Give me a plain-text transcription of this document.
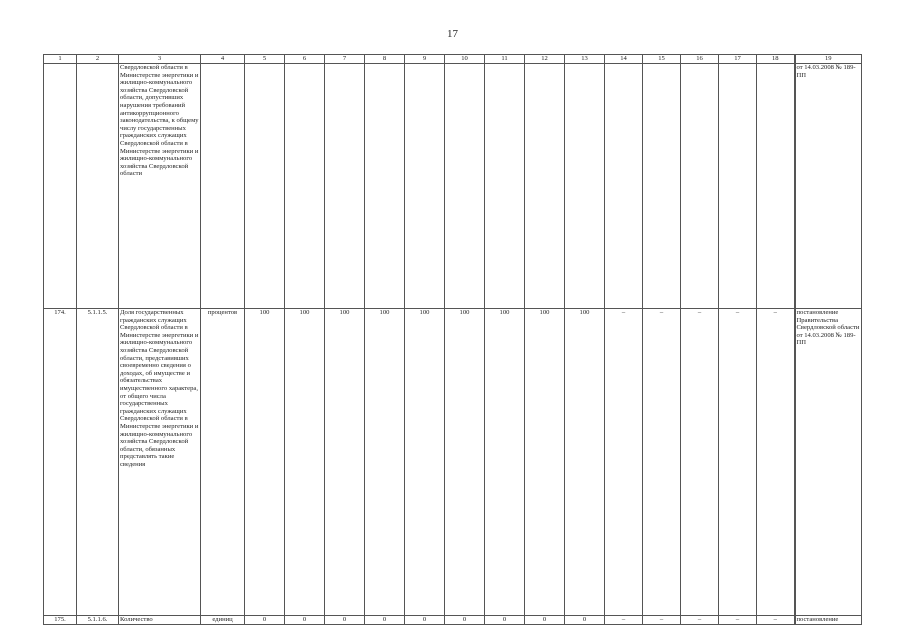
17
1	2	3	4	5	6	7	8	9	10	11	12	13	14	15	16	17	18	19
		Свердловской области в Министерстве энергетики и жилищно-коммунального хозяйства Свердловской области, допустивших нарушения требований антикоррупционного законодательства, к общему числу государственных гражданских служащих Свердловской области в Министерстве энергетики и жилищно-коммунального хозяйства Свердловской области																от 14.03.2008 № 189-ПП
174.	5.1.1.5.	Доля государственных гражданских служащих Свердловской области в Министерстве энергетики и жилищно-коммунального хозяйства Свердловской области, представивших своевременно сведения о доходах, об имуществе и обязательствах имущественного характера, от общего числа государственных гражданских служащих Свердловской области в Министерстве энергетики и жилищно-коммунального хозяйства Свердловской области, обязанных представлять такие сведения	процентов	100	100	100	100	100	100	100	100	100	–	–	–	–	–	постановление Правительства Свердловской области от 14.03.2008 № 189-ПП
175.	5.1.1.6.	Количество	единиц	0	0	0	0	0	0	0	0	0	–	–	–	–	–	постановление
